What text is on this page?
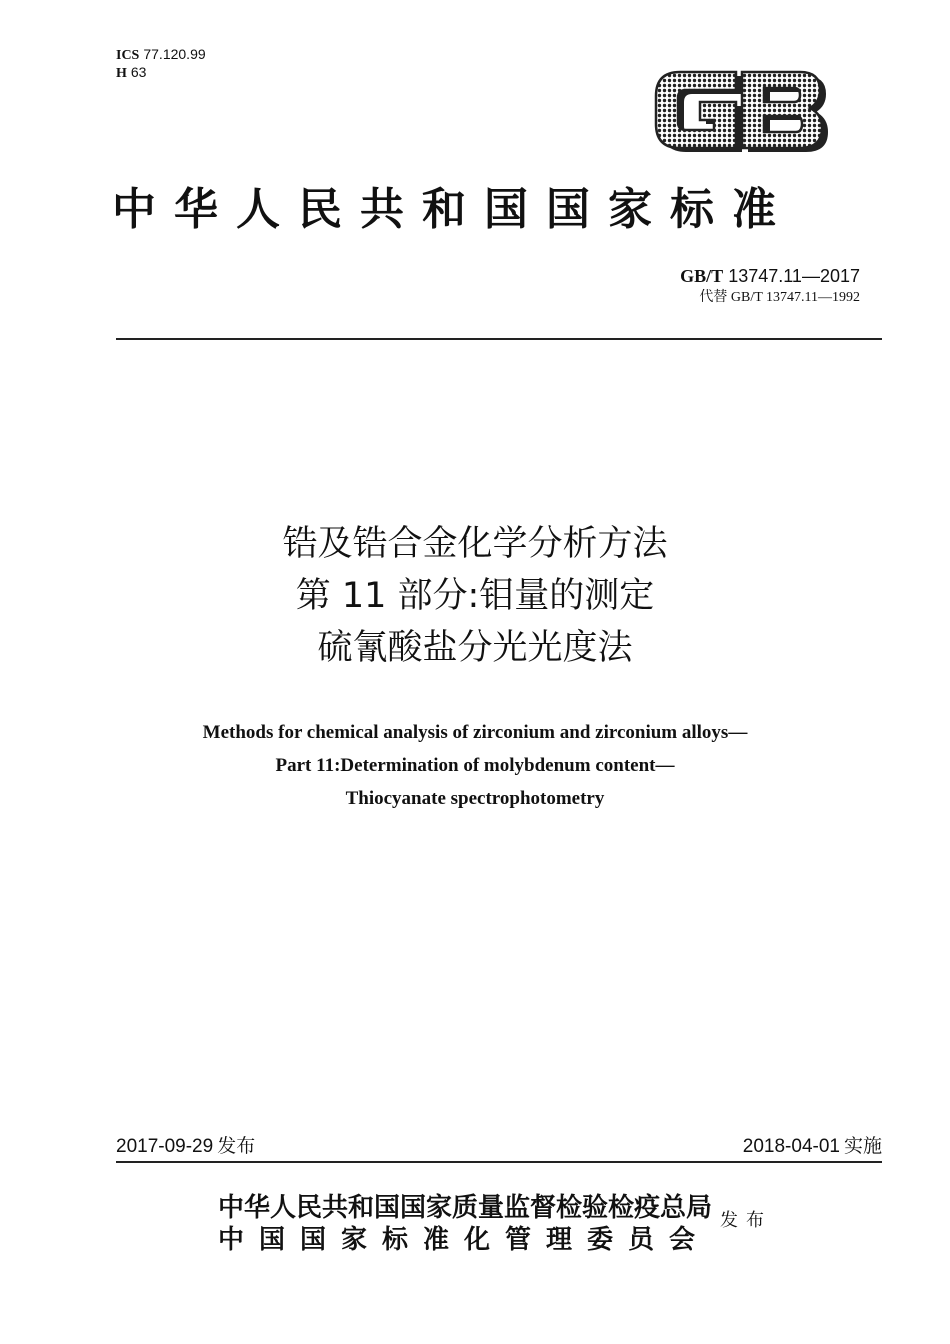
ICS 77.120.99
H 63
中华人民共和国国家标准
GB/T 13747.11—2017
代替 GB/T 13747.11—1992
锆及锆合金化学分析方法
第 11 部分:钼量的测定
硫氰酸盐分光光度法
Methods for chemical analysis of zirconium and zirconium alloys—
Part 11:Determination of molybdenum content—
Thiocyanate spectrophotometry
2017-09-29 发布	2018-04-01 实施
中华人民共和国国家质量监督检验检疫总局
中国国家标准化管理委员会
发布
